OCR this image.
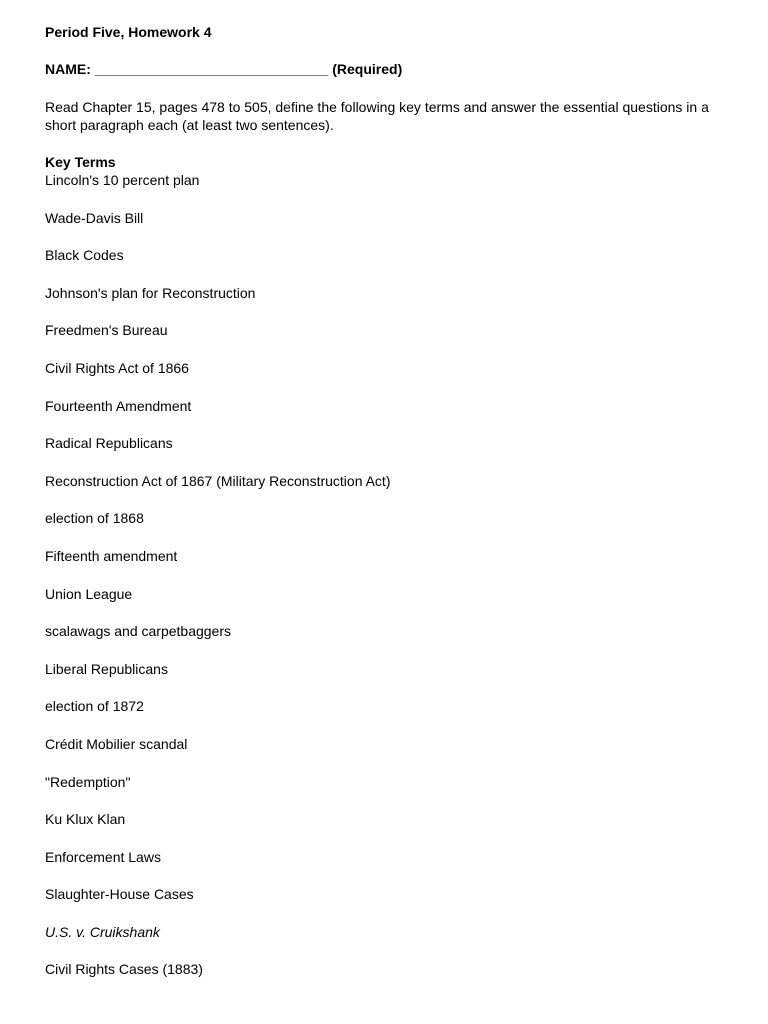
Period Five, Homework 4

NAME: ______________________________ (Required)

Read Chapter 15, pages 478 to 505, define the following key terms and answer the essential questions in a short paragraph each (at least two sentences).

Key Terms

Lincoln's 10 percent plan
Wade-Davis Bill
Black Codes
Johnson's plan for Reconstruction
Freedmen's Bureau
Civil Rights Act of 1866
Fourteenth Amendment
Radical Republicans
Reconstruction Act of 1867 (Military Reconstruction Act)
election of 1868
Fifteenth amendment
Union League
scalawags and carpetbaggers
Liberal Republicans
election of 1872
Crédit Mobilier scandal
"Redemption"
Ku Klux Klan
Enforcement Laws
Slaughter-House Cases
U.S. v. Cruikshank
Civil Rights Cases (1883)
